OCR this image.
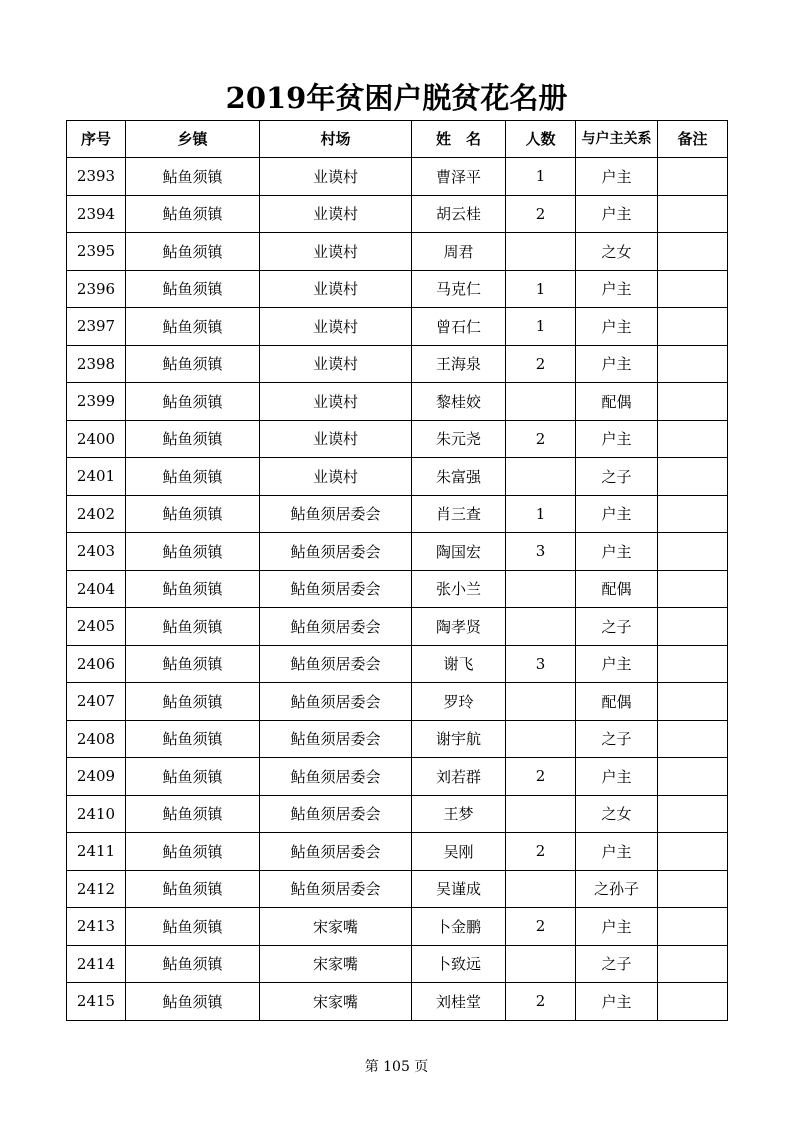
2019年贫困户脱贫花名册
序号	乡镇	村场	姓　名	人数	与户主关系	备注
2393	鲇鱼须镇	业谟村	曹泽平	1	户主	
2394	鲇鱼须镇	业谟村	胡云桂	2	户主	
2395	鲇鱼须镇	业谟村	周君		之女	
2396	鲇鱼须镇	业谟村	马克仁	1	户主	
2397	鲇鱼须镇	业谟村	曾石仁	1	户主	
2398	鲇鱼须镇	业谟村	王海泉	2	户主	
2399	鲇鱼须镇	业谟村	黎桂姣		配偶	
2400	鲇鱼须镇	业谟村	朱元尧	2	户主	
2401	鲇鱼须镇	业谟村	朱富强		之子	
2402	鲇鱼须镇	鲇鱼须居委会	肖三查	1	户主	
2403	鲇鱼须镇	鲇鱼须居委会	陶国宏	3	户主	
2404	鲇鱼须镇	鲇鱼须居委会	张小兰		配偶	
2405	鲇鱼须镇	鲇鱼须居委会	陶孝贤		之子	
2406	鲇鱼须镇	鲇鱼须居委会	谢飞	3	户主	
2407	鲇鱼须镇	鲇鱼须居委会	罗玲		配偶	
2408	鲇鱼须镇	鲇鱼须居委会	谢宇航		之子	
2409	鲇鱼须镇	鲇鱼须居委会	刘若群	2	户主	
2410	鲇鱼须镇	鲇鱼须居委会	王梦		之女	
2411	鲇鱼须镇	鲇鱼须居委会	吴刚	2	户主	
2412	鲇鱼须镇	鲇鱼须居委会	吴谨成		之孙子	
2413	鲇鱼须镇	宋家嘴	卜金鹏	2	户主	
2414	鲇鱼须镇	宋家嘴	卜致远		之子	
2415	鲇鱼须镇	宋家嘴	刘桂堂	2	户主	
第 105 页
